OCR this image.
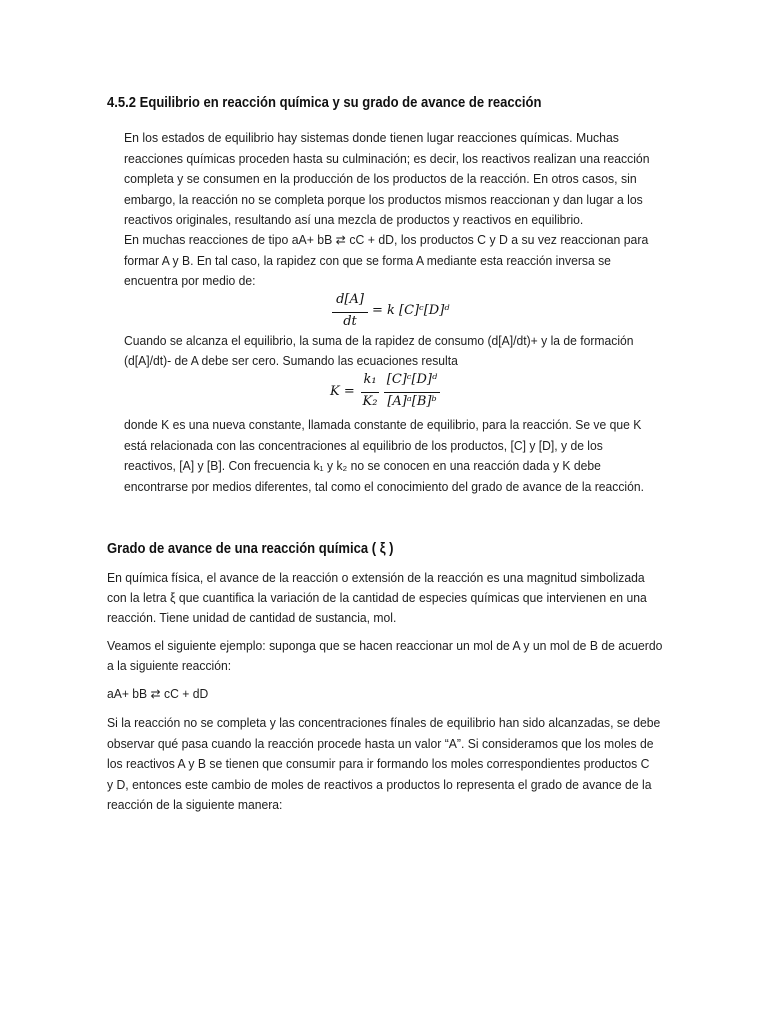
4.5.2 Equilibrio en reacción química y su grado de avance de reacción
En los estados de equilibrio hay sistemas donde tienen lugar reacciones químicas. Muchas
reacciones químicas proceden hasta su culminación; es decir, los reactivos realizan una reacción
completa y se consumen en la producción de los productos de la reacción. En otros casos, sin
embargo, la reacción no se completa porque los productos mismos reaccionan y dan lugar a los
reactivos originales, resultando así una mezcla de productos y reactivos en equilibrio.
En muchas reacciones de tipo aA+ bB ⇄ cC + dD, los productos C y D a su vez reaccionan para
formar A y B. En tal caso, la rapidez con que se forma A mediante esta reacción inversa se
encuentra por medio de:
d[A]
dt
= k [C]ᶜ[D]ᵈ
Cuando se alcanza el equilibrio, la suma de la rapidez de consumo (d[A]/dt)+ y la de formación
(d[A]/dt)- de A debe ser cero. Sumando las ecuaciones resulta
K =
k₁
K₂
[C]ᶜ[D]ᵈ
[A]ᵃ[B]ᵇ
donde K es una nueva constante, llamada constante de equilibrio, para la reacción. Se ve que K
está relacionada con las concentraciones al equilibrio de los productos, [C] y [D], y de los
reactivos, [A] y [B]. Con frecuencia k₁ y k₂ no se conocen en una reacción dada y K debe
encontrarse por medios diferentes, tal como el conocimiento del grado de avance de la reacción.
Grado de avance de una reacción química ( ξ )
En química física, el avance de la reacción o extensión de la reacción es una magnitud simbolizada
con la letra ξ que cuantifica la variación de la cantidad de especies químicas que intervienen en una
reacción. Tiene unidad de cantidad de sustancia, mol.
Veamos el siguiente ejemplo: suponga que se hacen reaccionar un mol de A y un mol de B de acuerdo
a la siguiente reacción:
aA+ bB ⇄ cC + dD
Si la reacción no se completa y las concentraciones fínales de equilibrio han sido alcanzadas, se debe
observar qué pasa cuando la reacción procede hasta un valor “A”. Si consideramos que los moles de
los reactivos A y B se tienen que consumir para ir formando los moles correspondientes productos C
y D, entonces este cambio de moles de reactivos a productos lo representa el grado de avance de la
reacción de la siguiente manera:
